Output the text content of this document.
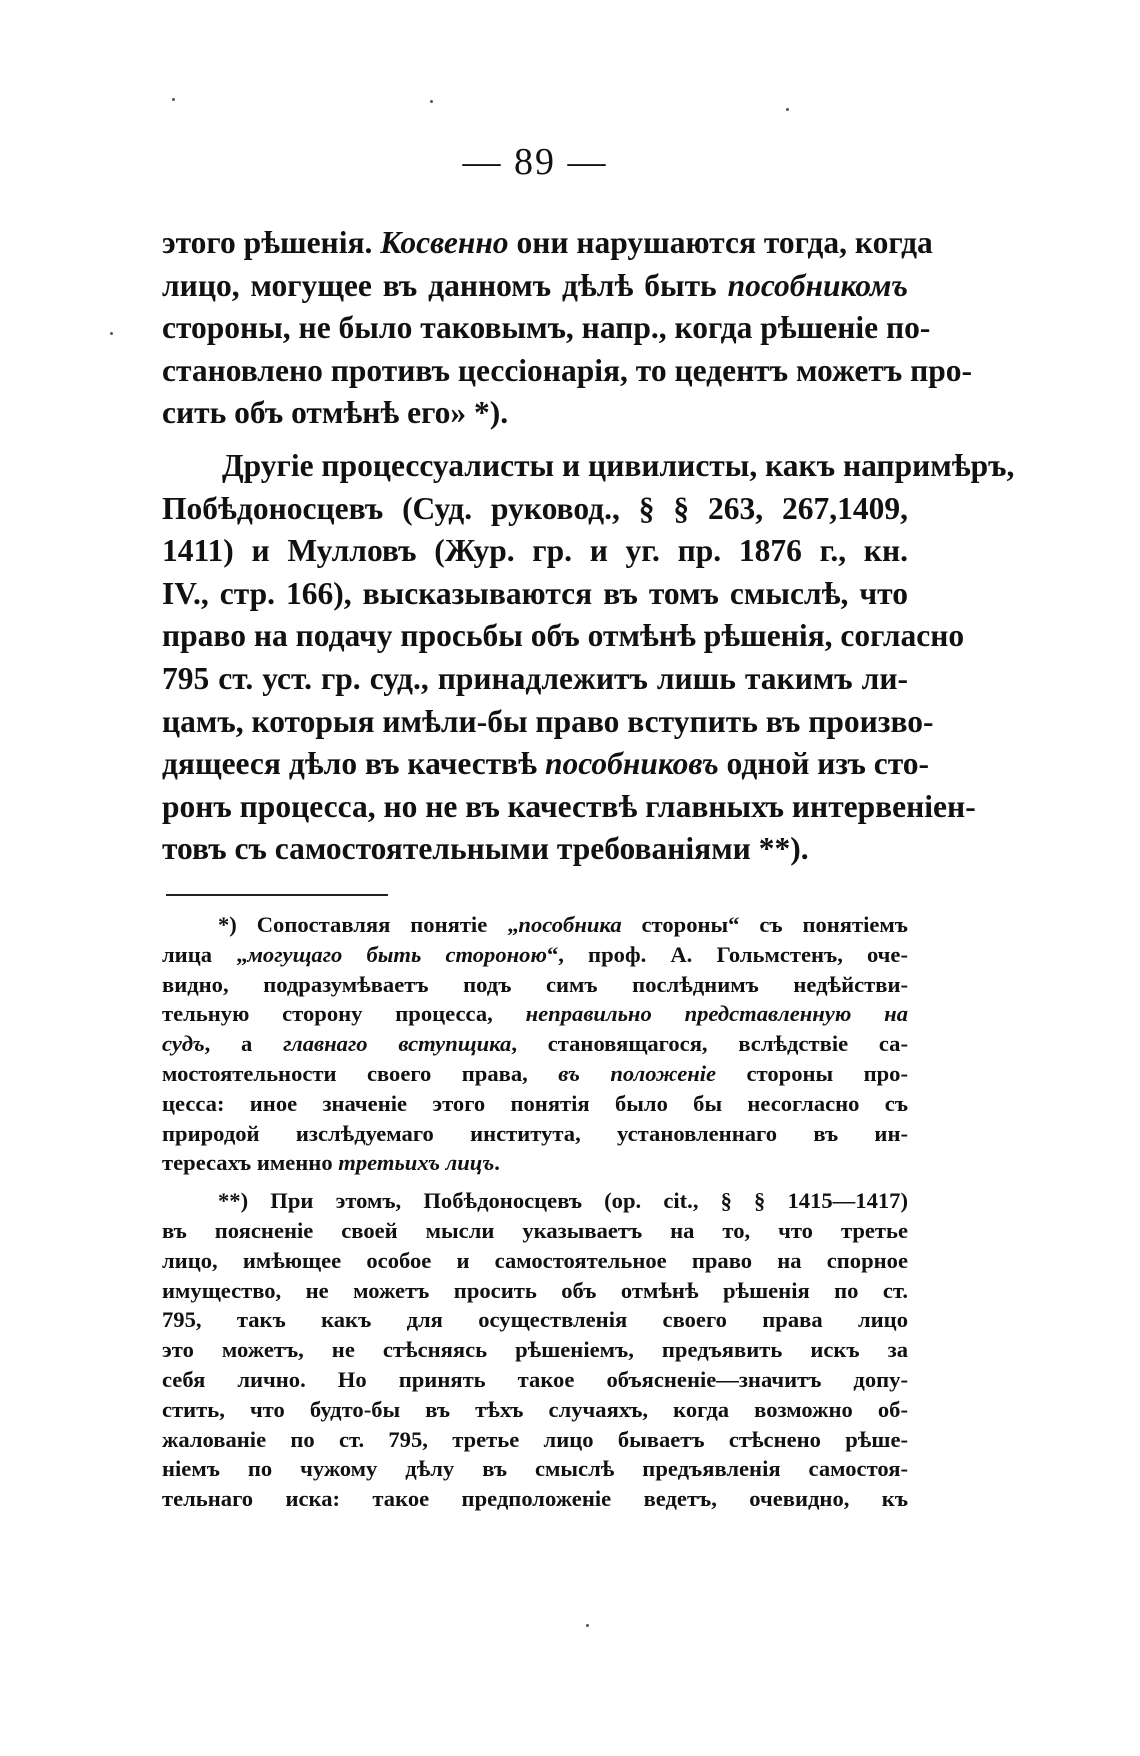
— 89 —
этого рѣшенія. Косвенно они нарушаются тогда, когда
лицо, могущее въ данномъ дѣлѣ быть пособникомъ
стороны, не было таковымъ, напр., когда рѣшеніе по-
становлено противъ цессіонарія, то цедентъ можетъ про-
сить объ отмѣнѣ его» *).
Другіе процессуалисты и цивилисты, какъ напримѣръ,
Побѣдоносцевъ (Суд. руковод., § § 263, 267,1409,
1411) и Мулловъ (Жур. гр. и уг. пр. 1876 г., кн.
IV., стр. 166), высказываются въ томъ смыслѣ, что
право на подачу просьбы объ отмѣнѣ рѣшенія, согласно
795 ст. уст. гр. суд., принадлежитъ лишь такимъ ли-
цамъ, которыя имѣли-бы право вступить въ произво-
дящееся дѣло въ качествѣ пособниковъ одной изъ сто-
ронъ процесса, но не въ качествѣ главныхъ интервеніен-
товъ съ самостоятельными требованіями **).
*) Сопоставляя понятіе „пособника стороны“ съ понятіемъ
лица „могущаго быть стороною“, проф. А. Гольмстенъ, оче-
видно, подразумѣваетъ подъ симъ послѣднимъ недѣйстви-
тельную сторону процесса, неправильно представленную на
судъ, а главнаго вступщика, становящагося, вслѣдствіе са-
мостоятельности своего права, въ положеніе стороны про-
цесса: иное значеніе этого понятія было бы несогласно съ
природой изслѣдуемаго института, установленнаго въ ин-
тересахъ именно третьихъ лицъ.
**) При этомъ, Побѣдоносцевъ (op. cit., § § 1415—1417)
въ поясненіе своей мысли указываетъ на то, что третье
лицо, имѣющее особое и самостоятельное право на спорное
имущество, не можетъ просить объ отмѣнѣ рѣшенія по ст.
795, такъ какъ для осуществленія своего права лицо
это можетъ, не стѣсняясь рѣшеніемъ, предъявить искъ за
себя лично. Но принять такое объясненіе—значитъ допу-
стить, что будто-бы въ тѣхъ случаяхъ, когда возможно об-
жалованіе по ст. 795, третье лицо бываетъ стѣснено рѣше-
ніемъ по чужому дѣлу въ смыслѣ предъявленія самостоя-
тельнаго иска: такое предположеніе ведетъ, очевидно, къ
